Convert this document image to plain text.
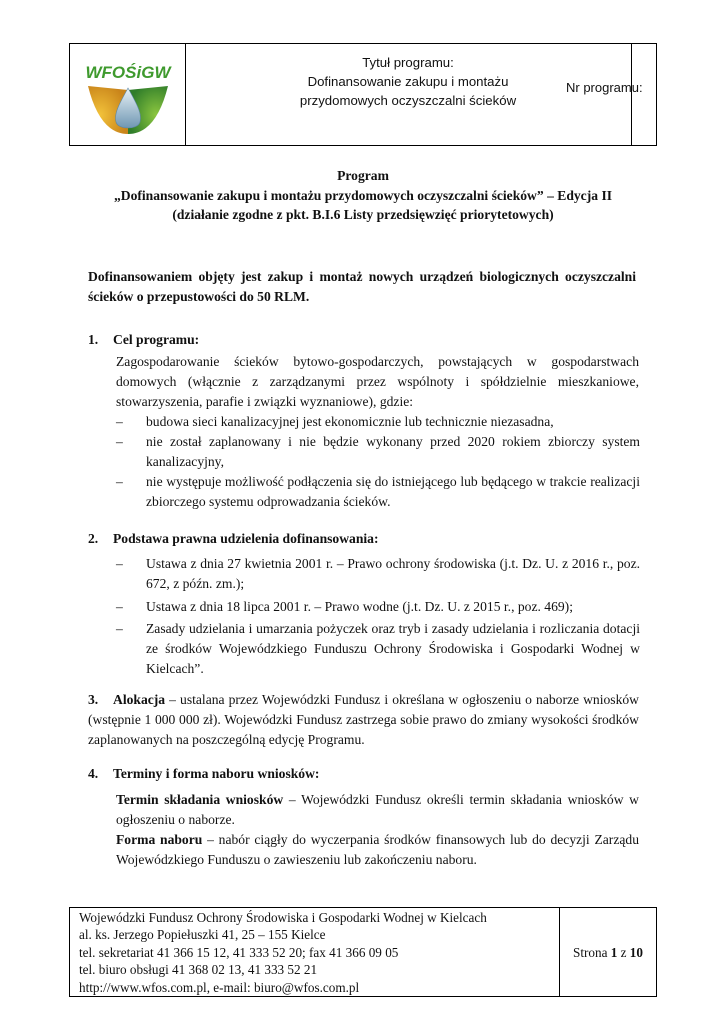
WFOŚiGW
Tytuł programu:
Dofinansowanie zakupu i montażu
przydomowych oczyszczalni ścieków
Nr programu:
Program
„Dofinansowanie zakupu i montażu przydomowych oczyszczalni ścieków” – Edycja II
(działanie zgodne z pkt. B.I.6 Listy przedsięwzięć priorytetowych)
Dofinansowaniem objęty jest zakup i montaż nowych urządzeń biologicznych oczyszczalni ścieków o przepustowości do 50 RLM.
1. Cel programu:
Zagospodarowanie ścieków bytowo-gospodarczych, powstających w gospodarstwach domowych (włącznie z zarządzanymi przez wspólnoty i spółdzielnie mieszkaniowe, stowarzyszenia, parafie i związki wyznaniowe), gdzie:
– budowa sieci kanalizacyjnej jest ekonomicznie lub technicznie niezasadna,
– nie został zaplanowany i nie będzie wykonany przed 2020 rokiem zbiorczy system kanalizacyjny,
– nie występuje możliwość podłączenia się do istniejącego lub będącego w trakcie realizacji zbiorczego systemu odprowadzania ścieków.
2. Podstawa prawna udzielenia dofinansowania:
– Ustawa z dnia 27 kwietnia 2001 r. – Prawo ochrony środowiska (j.t. Dz. U. z 2016 r., poz. 672, z późn. zm.);
– Ustawa z dnia 18 lipca 2001 r. – Prawo wodne (j.t. Dz. U. z 2015 r., poz. 469);
– Zasady udzielania i umarzania pożyczek oraz tryb i zasady udzielania i rozliczania dotacji ze środków Wojewódzkiego Funduszu Ochrony Środowiska i Gospodarki Wodnej w Kielcach”.
3. Alokacja – ustalana przez Wojewódzki Fundusz i określana w ogłoszeniu o naborze wniosków (wstępnie 1 000 000 zł). Wojewódzki Fundusz zastrzega sobie prawo do zmiany wysokości środków zaplanowanych na poszczególną edycję Programu.
4. Terminy i forma naboru wniosków:
Termin składania wniosków – Wojewódzki Fundusz określi termin składania wniosków w ogłoszeniu o naborze.
Forma naboru – nabór ciągły do wyczerpania środków finansowych lub do decyzji Zarządu Wojewódzkiego Funduszu o zawieszeniu lub zakończeniu naboru.
Wojewódzki Fundusz Ochrony Środowiska i Gospodarki Wodnej w Kielcach
al. ks. Jerzego Popiełuszki 41, 25 – 155 Kielce
tel. sekretariat 41 366 15 12, 41 333 52 20; fax 41 366 09 05
tel. biuro obsługi 41 368 02 13, 41 333 52 21
http://www.wfos.com.pl, e-mail: biuro@wfos.com.pl
Strona 1 z 10
